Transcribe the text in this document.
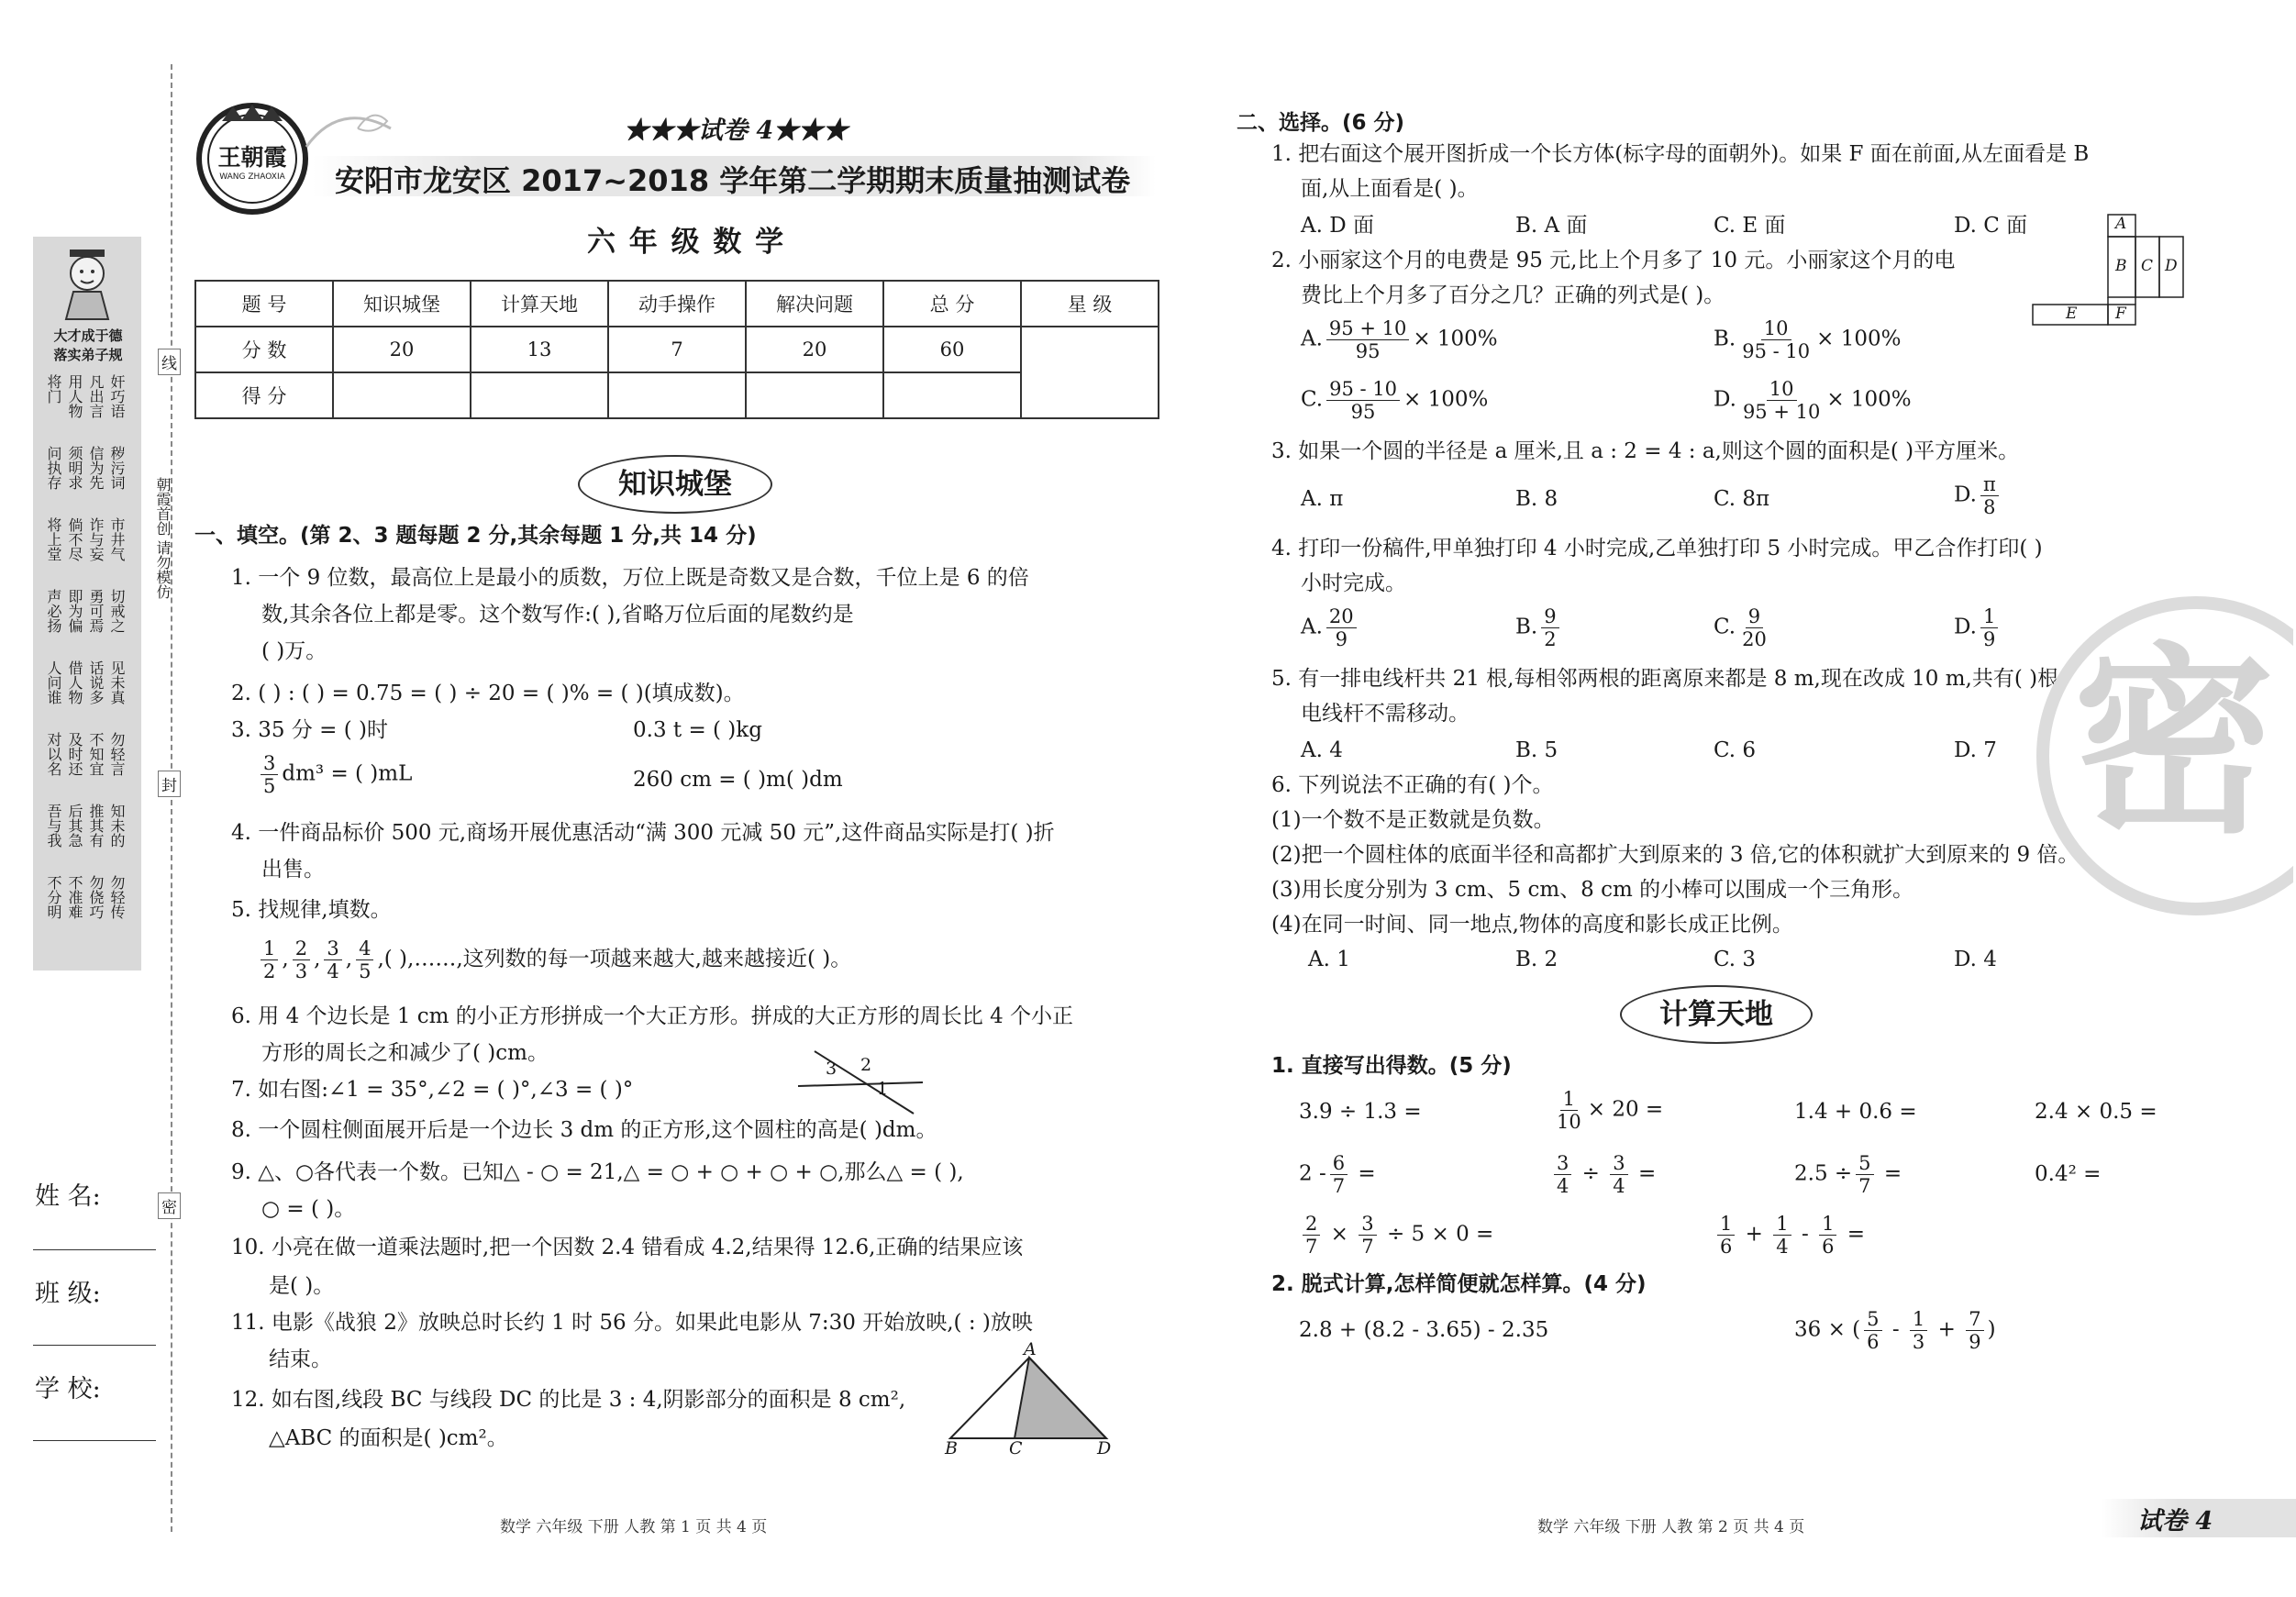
大才成于德
落实弟子规
奸巧语
凡出言
用人物
将门
秽污词
信为先
须明求
问执存
市井气
诈与妄
倘不尽
将上堂
切戒之
勇可焉
即为偏
声必扬
见未真
话说多
借人物
人问谁
勿轻言
不知宜
及时还
对以名
知未的
推其有
后其急
吾与我
勿轻传
勿侥巧
不准难
不分明
线
封
密
朝霞首创 请勿模仿
姓 名:
班 级:
学 校:
王朝霞
WANG ZHAOXIA
★★★试卷 4★★★
安阳市龙安区 2017~2018 学年第二学期期末质量抽测试卷
六 年 级 数 学
题 号	知识城堡	计算天地	动手操作	解决问题	总 分	星 级
分 数	20	13	7	20	60	
得 分						
知识城堡
一、填空。(第 2、3 题每题 2 分,其余每题 1 分,共 14 分)
1. 一个 9 位数，最高位上是最小的质数，万位上既是奇数又是合数，千位上是 6 的倍
数,其余各位上都是零。这个数写作:( ),省略万位后面的尾数约是
( )万。
2. ( ) : ( ) = 0.75 = ( ) ÷ 20 = ( )% = ( )(填成数)。
3. 35 分 = ( )时	0.3 t = ( )kg
$\frac{3}{5} dm^3$ = ( )mL	260 cm = ( )m( )dm
4. 一件商品标价 500 元,商场开展优惠活动“满 300 元减 50 元”,这件商品实际是打( )折
出售。
5. 找规律,填数。
$\frac{1}{2}$ , $\frac{2}{3}$ , $\frac{3}{4}$ , $\frac{4}{5}$ ,( ),……,这列数的每一项越来越大,越来越接近( )。
6. 用 4 个边长是 1 cm 的小正方形拼成一个大正方形。拼成的大正方形的周长比 4 个小正
方形的周长之和减少了( )cm。
7. 如右图:∠1 = 35°,∠2 = ( )°,∠3 = ( )°
3 2
1
8. 一个圆柱侧面展开后是一个边长 3 dm 的正方形,这个圆柱的高是( )dm。
9. △、○各代表一个数。已知△ - ○ = 21,△ = ○ + ○ + ○ + ○,那么△ = ( ),
○ = ( )。
10. 小亮在做一道乘法题时,把一个因数 2.4 错看成 4.2,结果得 12.6,正确的结果应该
是( )。
11. 电影《战狼 2》放映总时长约 1 时 56 分。如果此电影从 7:30 开始放映,( : )放映
结束。
12. 如右图,线段 BC 与线段 DC 的比是 3 : 4,阴影部分的面积是 8 cm²,
△ABC 的面积是( )cm²。
A
B	C	D
数学 六年级 下册 人教 第 1 页 共 4 页
二、选择。(6 分)
1. 把右面这个展开图折成一个长方体(标字母的面朝外)。如果 F 面在前面,从左面看是 B
面,从上面看是( )。
A. D 面	B. A 面	C. E 面	D. C 面	A
B C D
E F
2. 小丽家这个月的电费是 95 元,比上个月多了 10 元。小丽家这个月的电
费比上个月多了百分之几？正确的列式是( )。
A. $\frac{95 + 10}{95} \times 100\%$	B. $\frac{10}{95 - 10} \times 100\%$
C. $\frac{95 - 10}{95} \times 100\%$	D. $\frac{10}{95 + 10} \times 100\%$
3. 如果一个圆的半径是 a 厘米,且 a : 2 = 4 : a,则这个圆的面积是( )平方厘米。
A. π	B. 8	C. 8π	D. $\frac{\pi}{8}$
4. 打印一份稿件,甲单独打印 4 小时完成,乙单独打印 5 小时完成。甲乙合作打印( )
小时完成。
A. $\frac{20}{9}$	B. $\frac{9}{2}$	C. $\frac{9}{20}$	D. $\frac{1}{9}$
5. 有一排电线杆共 21 根,每相邻两根的距离原来都是 8 m,现在改成 10 m,共有( )根
电线杆不需移动。
A. 4	B. 5	C. 6	D. 7
6. 下列说法不正确的有( )个。
(1)一个数不是正数就是负数。
(2)把一个圆柱体的底面半径和高都扩大到原来的 3 倍,它的体积就扩大到原来的 9 倍。
(3)用长度分别为 3 cm、5 cm、8 cm 的小棒可以围成一个三角形。
(4)在同一时间、同一地点,物体的高度和影长成正比例。
A. 1	B. 2	C. 3	D. 4
计算天地
1. 直接写出得数。(5 分)
3.9 ÷ 1.3 =	$\frac{1}{10} \times 20$ =	1.4 + 0.6 =	2.4 × 0.5 =
$2 - \frac{6}{7}$ =	$\frac{3}{4} \div \frac{3}{4}$ =	$2.5 \div \frac{5}{7}$ =	0.4² =
$\frac{2}{7} \times \frac{3}{7} \div 5 \times 0$ =	$\frac{1}{6} + \frac{1}{4} - \frac{1}{6}$ =
2. 脱式计算,怎样简便就怎样算。(4 分)
2.8 + (8.2 - 3.65) - 2.35	36 × ( $\frac{5}{6} - \frac{1}{3} + \frac{7}{9}$ )
密
数学 六年级 下册 人教 第 2 页 共 4 页	试卷 4
